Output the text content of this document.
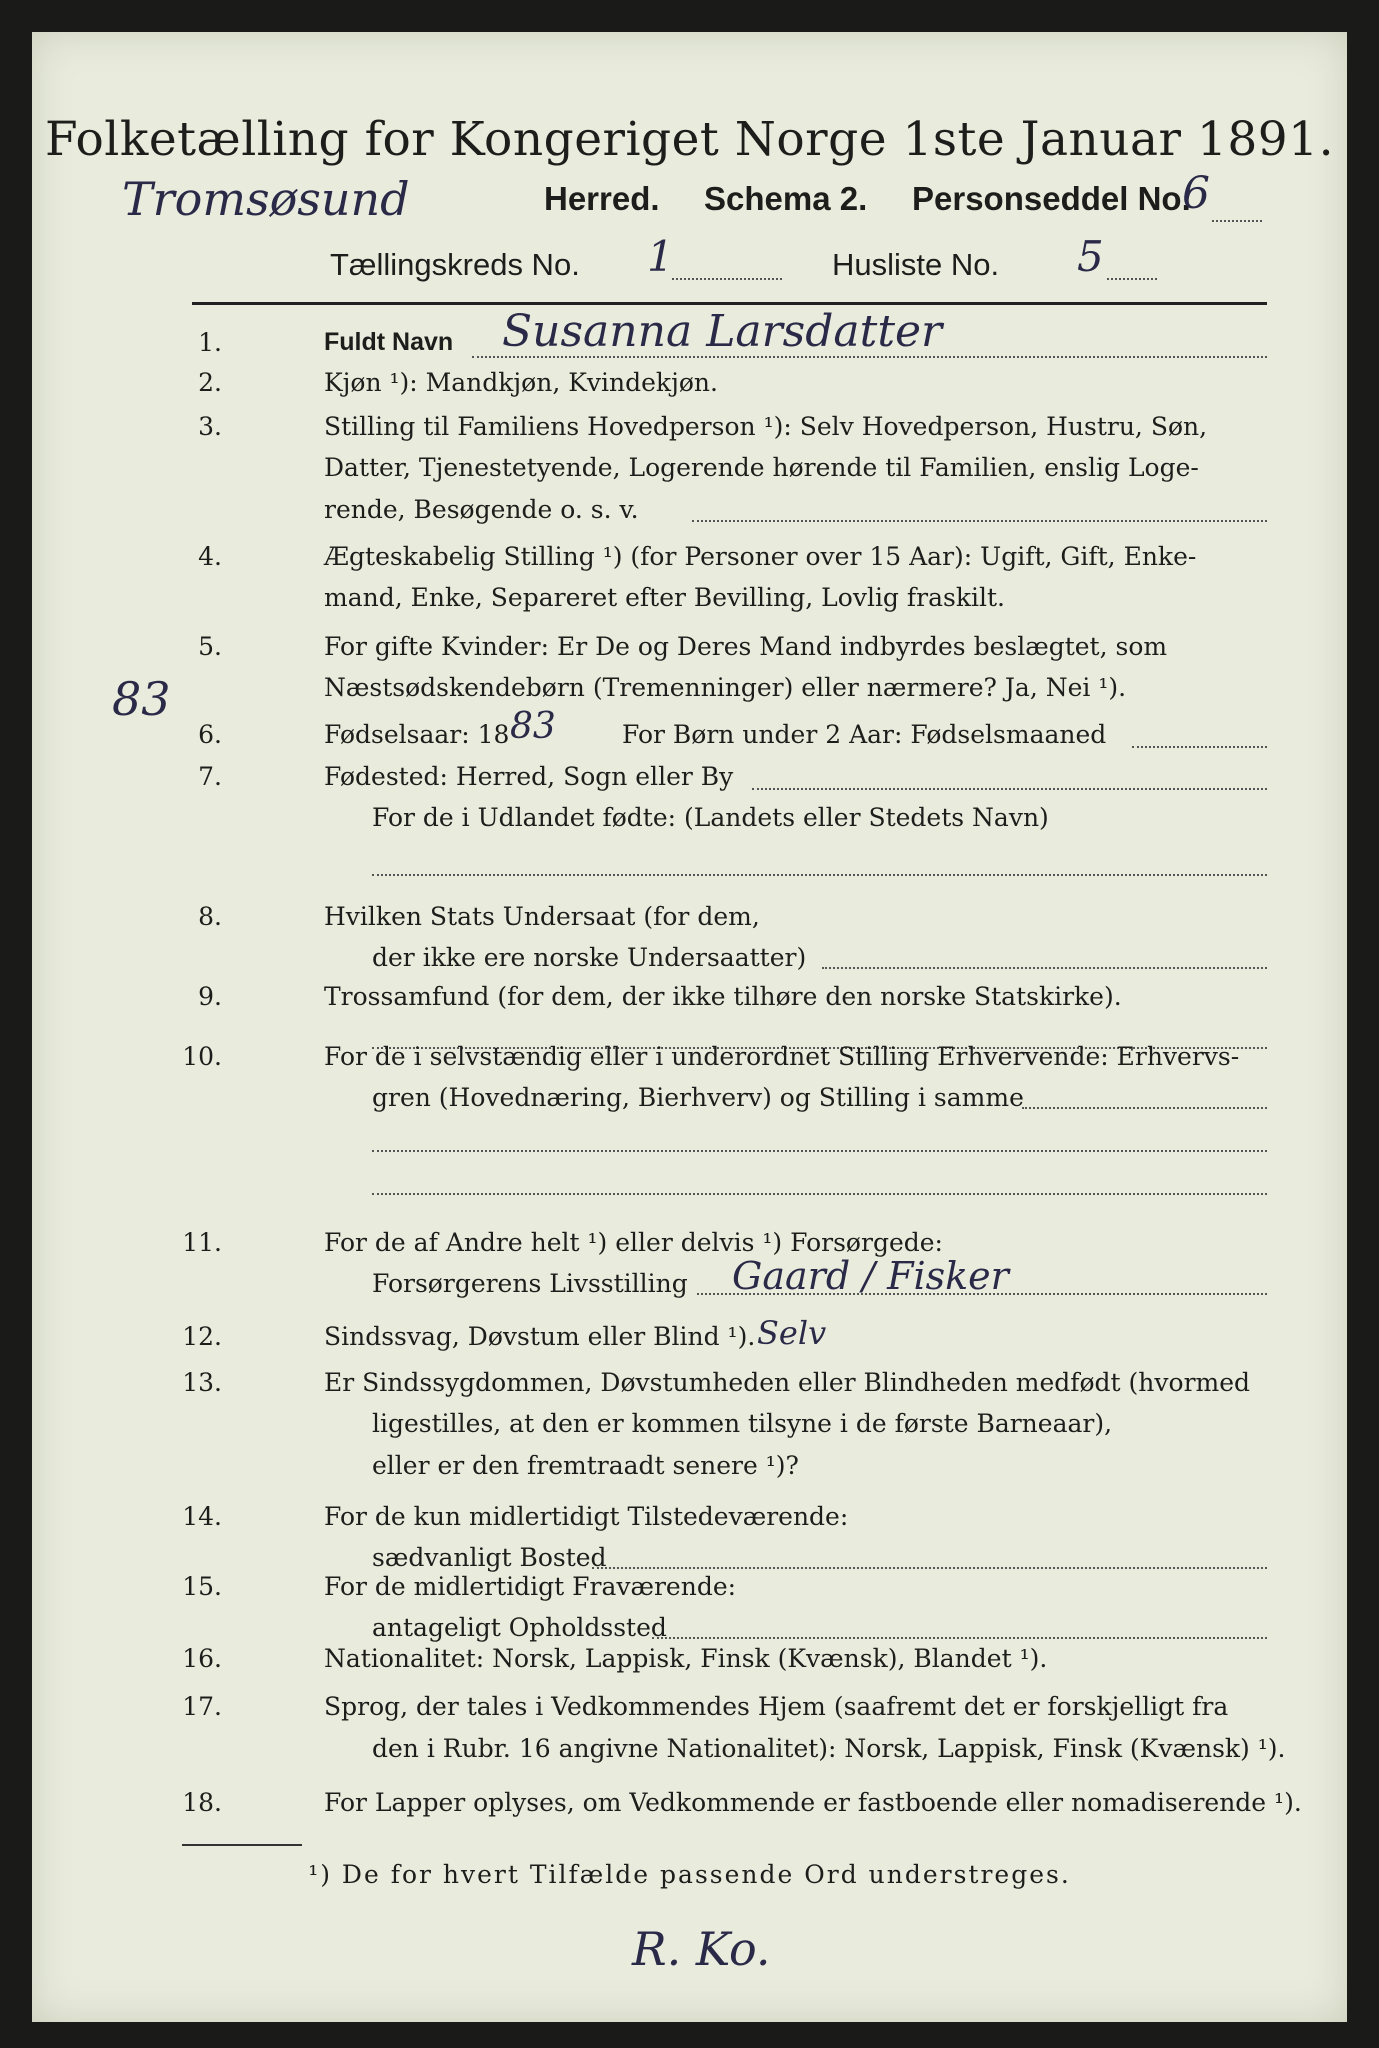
Folketælling for Kongeriget Norge 1ste Januar 1891.
Tromsøsund	Herred. Schema 2. Personseddel No.
6
Tællingskreds No. 1	Husliste No. 5
83
1.	Fuldt Navn Susanna Larsdatter
2.	Kjøn ¹): Mandkjøn, Kvindekjøn.
3.	Stilling til Familiens Hovedperson ¹): Selv Hovedperson, Hustru, Søn,
Datter, Tjenestetyende, Logerende hørende til Familien, enslig Loge-
rende, Besøgende o. s. v.
4.	Ægteskabelig Stilling ¹) (for Personer over 15 Aar): Ugift, Gift, Enke-
mand, Enke, Separeret efter Bevilling, Lovlig fraskilt.
5.	For gifte Kvinder: Er De og Deres Mand indbyrdes beslægtet, som
Næstsødskendebørn (Tremenninger) eller nærmere? Ja, Nei ¹).
6.	Fødselsaar: 18 83	For Børn under 2 Aar: Fødselsmaaned
7.	Fødested: Herred, Sogn eller By
For de i Udlandet fødte: (Landets eller Stedets Navn)
8.	Hvilken Stats Undersaat (for dem,
der ikke ere norske Undersaatter)
9.	Trossamfund (for dem, der ikke tilhøre den norske Statskirke).
10.	For de i selvstændig eller i underordnet Stilling Erhvervende: Erhvervs-
gren (Hovednæring, Bierhverv) og Stilling i samme
11.	For de af Andre helt ¹) eller delvis ¹) Forsørgede:
Forsørgerens Livsstilling Gaard / Fisker
12.	Sindssvag, Døvstum eller Blind ¹). Selv
13.	Er Sindssygdommen, Døvstumheden eller Blindheden medfødt (hvormed
ligestilles, at den er kommen tilsyne i de første Barneaar),
eller er den fremtraadt senere ¹)?
14.	For de kun midlertidigt Tilstedeværende:
sædvanligt Bosted
15.	For de midlertidigt Fraværende:
antageligt Opholdssted
16.	Nationalitet: Norsk, Lappisk, Finsk (Kvænsk), Blandet ¹).
17.	Sprog, der tales i Vedkommendes Hjem (saafremt det er forskjelligt fra
den i Rubr. 16 angivne Nationalitet): Norsk, Lappisk, Finsk (Kvænsk) ¹).
18.	For Lapper oplyses, om Vedkommende er fastboende eller nomadiserende ¹).
¹) De for hvert Tilfælde passende Ord understreges.
R. Ko.
